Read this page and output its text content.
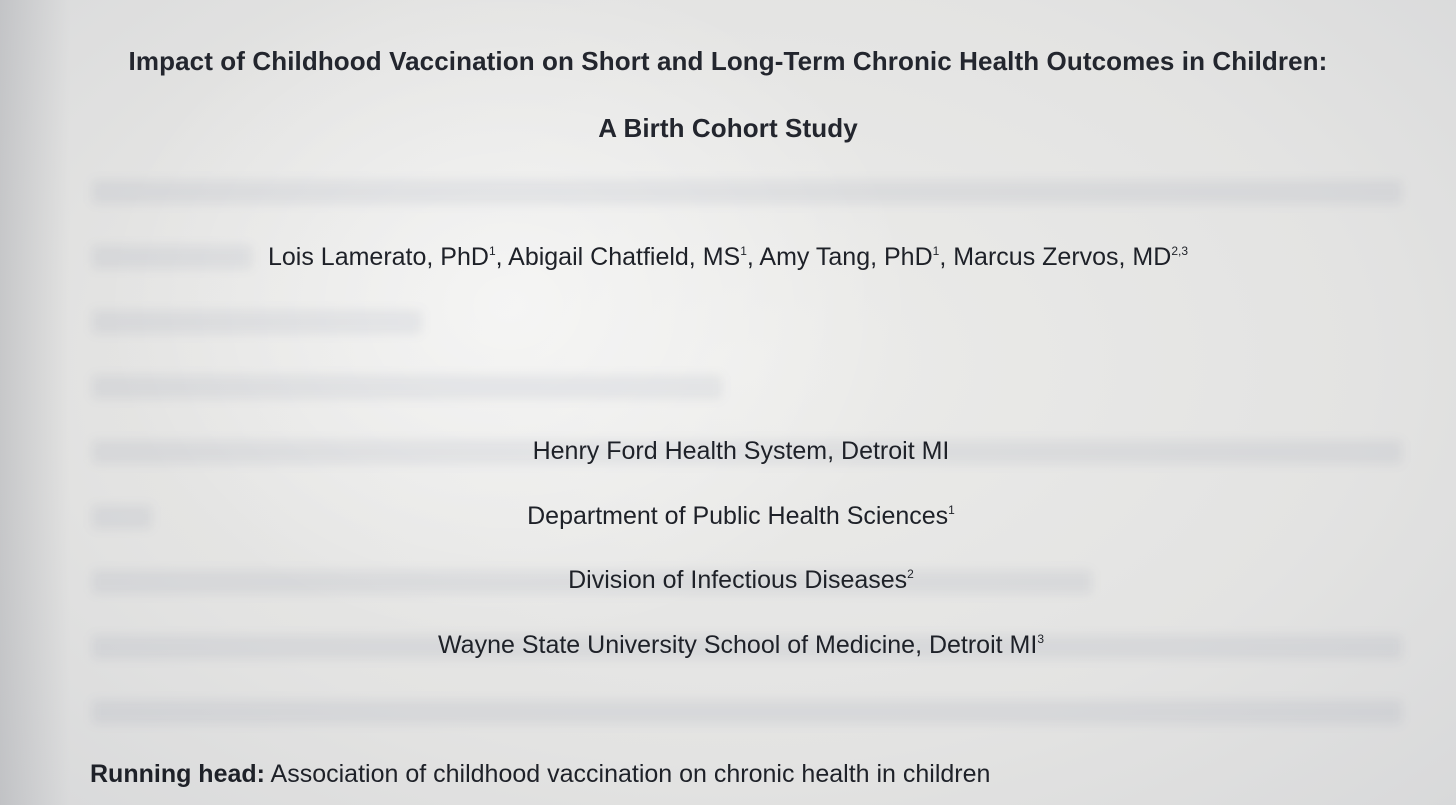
Impact of Childhood Vaccination on Short and Long-Term Chronic Health Outcomes in Children:
A Birth Cohort Study
Lois Lamerato, PhD$^1$, Abigail Chatfield, $MS^1$, Amy Tang, PhD$^1$, Marcus Zervos, MD$^{2,3}$
Henry Ford Health System, Detroit MI
Department of Public Health Sciences$^1$
Division of Infectious Diseases$^2$
Wayne State University School of Medicine, Detroit $MI^3$
Running head: Association of childhood vaccination on chronic health in children
